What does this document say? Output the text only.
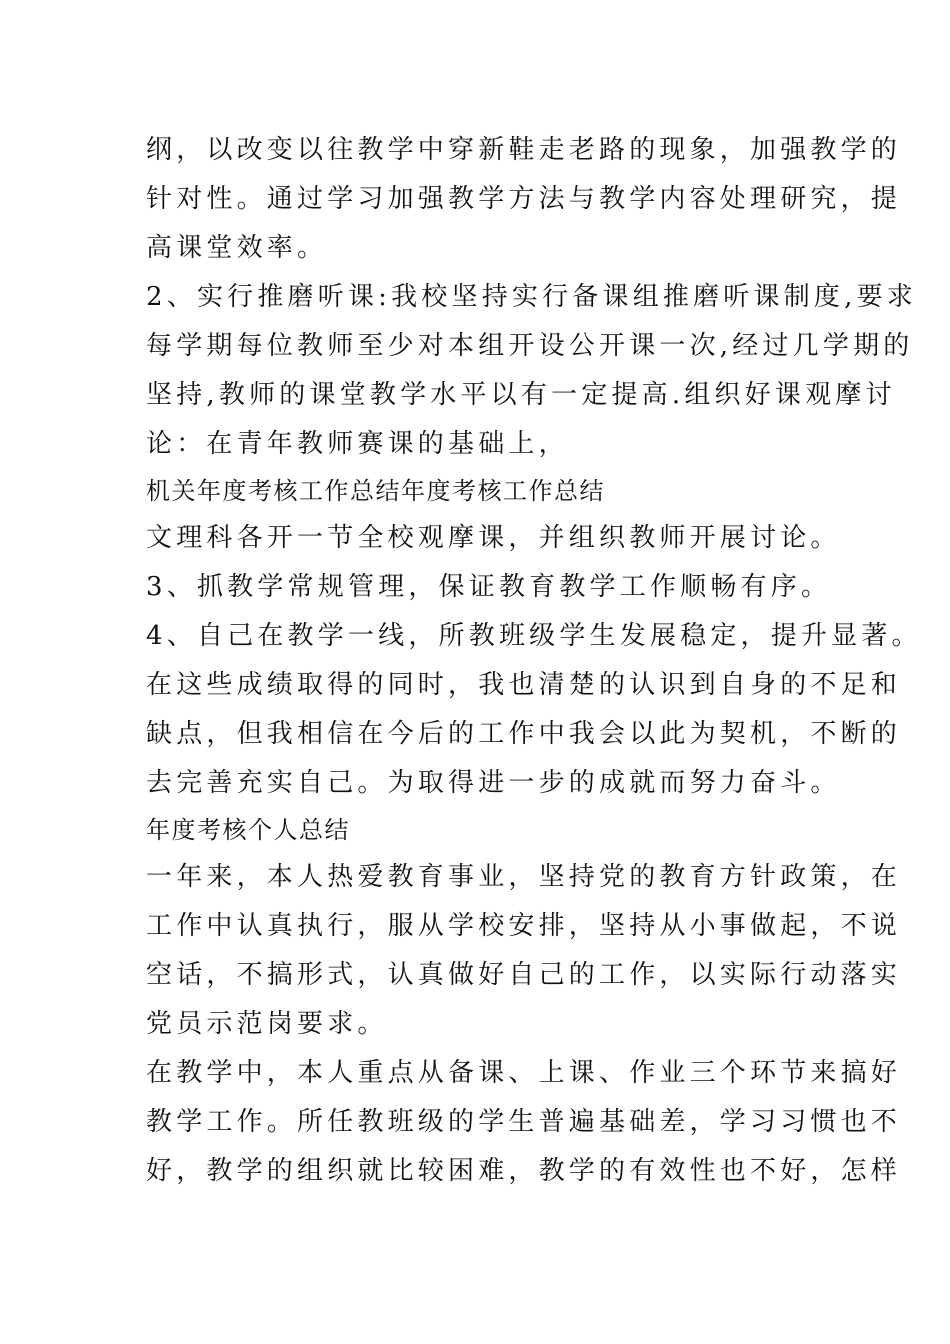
纲，以改变以往教学中穿新鞋走老路的现象，加强教学的
针对性。通过学习加强教学方法与教学内容处理研究，提
高课堂效率。
2、实行推磨听课:我校坚持实行备课组推磨听课制度,要求
每学期每位教师至少对本组开设公开课一次,经过几学期的
坚持,教师的课堂教学水平以有一定提高.组织好课观摩讨
论：在青年教师赛课的基础上，
机关年度考核工作总结年度考核工作总结
文理科各开一节全校观摩课，并组织教师开展讨论。
3、抓教学常规管理，保证教育教学工作顺畅有序。
4、自己在教学一线，所教班级学生发展稳定，提升显著。
在这些成绩取得的同时，我也清楚的认识到自身的不足和
缺点，但我相信在今后的工作中我会以此为契机，不断的
去完善充实自己。为取得进一步的成就而努力奋斗。
年度考核个人总结
一年来，本人热爱教育事业，坚持党的教育方针政策，在
工作中认真执行，服从学校安排，坚持从小事做起，不说
空话，不搞形式，认真做好自己的工作，以实际行动落实
党员示范岗要求。
在教学中，本人重点从备课、上课、作业三个环节来搞好
教学工作。所任教班级的学生普遍基础差，学习习惯也不
好，教学的组织就比较困难，教学的有效性也不好，怎样
